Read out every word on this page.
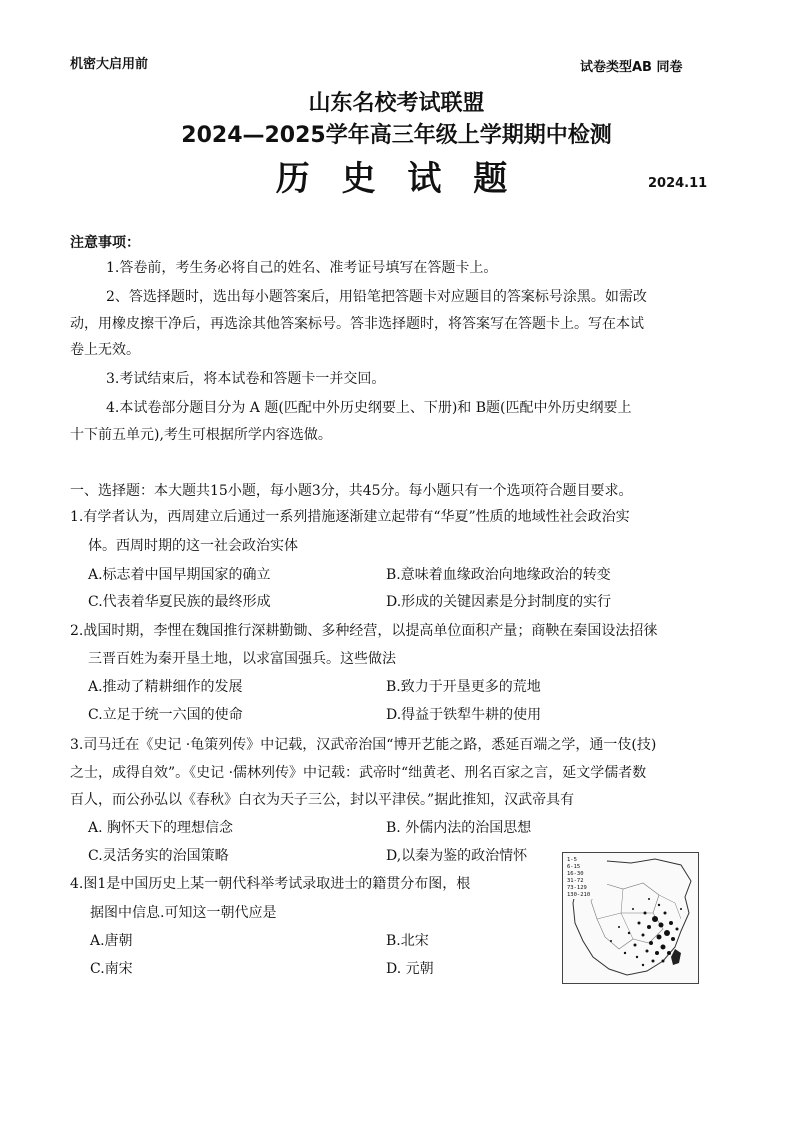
机密大启用前	试卷类型AB 同卷
山东名校考试联盟
2024—2025学年高三年级上学期期中检测
历 史 试 题	2024.11
注意事项：
1.答卷前，考生务必将自己的姓名、准考证号填写在答题卡上。
2、答选择题时，选出每小题答案后，用铅笔把答题卡对应题目的答案标号涂黑。如需改
动，用橡皮擦干净后，再选涂其他答案标号。答非选择题时，将答案写在答题卡上。写在本试
卷上无效。
3.考试结束后，将本试卷和答题卡一并交回。
4.本试卷部分题目分为 A 题(匹配中外历史纲要上、下册)和 B题(匹配中外历史纲要上
十下前五单元),考生可根据所学内容选做。
一、选择题：本大题共15小题，每小题3分，共45分。每小题只有一个选项符合题目要求。
1.有学者认为，西周建立后通过一系列措施逐渐建立起带有“华夏”性质的地域性社会政治实
体。西周时期的这一社会政治实体
A.标志着中国早期国家的确立	B.意味着血缘政治向地缘政治的转变
C.代表着华夏民族的最终形成	D.形成的关键因素是分封制度的实行
2.战国时期，李悝在魏国推行深耕勤锄、多种经营，以提高单位面积产量；商鞅在秦国设法招徕
三晋百姓为秦开垦土地，以求富国强兵。这些做法
A.推动了精耕细作的发展	B.致力于开垦更多的荒地
C.立足于统一六国的使命	D.得益于铁犁牛耕的使用
3.司马迁在《史记 ·龟策列传》中记载，汉武帝治国“博开艺能之路，悉延百端之学，通一伎(技)
之士，成得自效”。《史记 ·儒林列传》中记载：武帝时“绌黄老、刑名百家之言，延文学儒者数
百人，而公孙弘以《春秋》白衣为天子三公，封以平津侯。”据此推知，汉武帝具有
A. 胸怀天下的理想信念	B. 外儒内法的治国思想
C.灵活务实的治国策略	D,以秦为鉴的政治情怀
4.图1是中国历史上某一朝代科举考试录取进士的籍贯分布图，根
据图中信息.可知这一朝代应是
A.唐朝	B.北宋
C.南宋	D. 元朝
1-5
6-15
16-30
31-72
73-129
130-210
